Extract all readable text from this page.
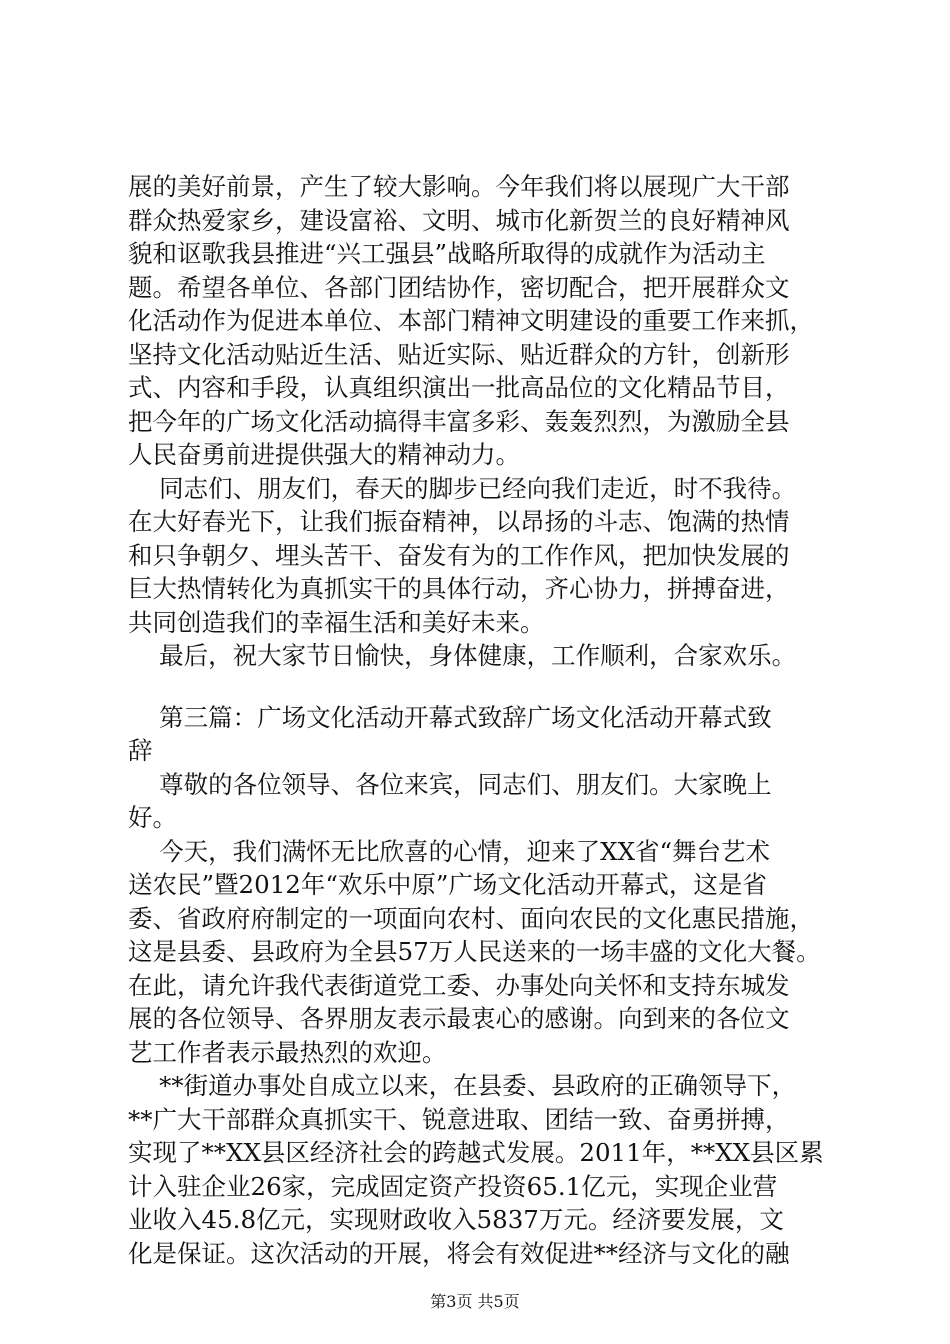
展的美好前景，产生了较大影响。今年我们将以展现广大干部
群众热爱家乡，建设富裕、文明、城市化新贺兰的良好精神风
貌和讴歌我县推进“兴工强县”战略所取得的成就作为活动主
题。希望各单位、各部门团结协作，密切配合，把开展群众文
化活动作为促进本单位、本部门精神文明建设的重要工作来抓，
坚持文化活动贴近生活、贴近实际、贴近群众的方针，创新形
式、内容和手段，认真组织演出一批高品位的文化精品节目，
把今年的广场文化活动搞得丰富多彩、轰轰烈烈，为激励全县
人民奋勇前进提供强大的精神动力。
同志们、朋友们，春天的脚步已经向我们走近，时不我待。
在大好春光下，让我们振奋精神，以昂扬的斗志、饱满的热情
和只争朝夕、埋头苦干、奋发有为的工作作风，把加快发展的
巨大热情转化为真抓实干的具体行动，齐心协力，拼搏奋进，
共同创造我们的幸福生活和美好未来。
最后，祝大家节日愉快，身体健康，工作顺利，合家欢乐。
第三篇：广场文化活动开幕式致辞广场文化活动开幕式致
辞
尊敬的各位领导、各位来宾，同志们、朋友们。大家晚上
好。
今天，我们满怀无比欣喜的心情，迎来了XX省“舞台艺术
送农民”暨2012年“欢乐中原”广场文化活动开幕式，这是省
委、省政府府制定的一项面向农村、面向农民的文化惠民措施，
这是县委、县政府为全县57万人民送来的一场丰盛的文化大餐。
在此，请允许我代表街道党工委、办事处向关怀和支持东城发
展的各位领导、各界朋友表示最衷心的感谢。向到来的各位文
艺工作者表示最热烈的欢迎。
**街道办事处自成立以来，在县委、县政府的正确领导下，
**广大干部群众真抓实干、锐意进取、团结一致、奋勇拼搏，
实现了**XX县区经济社会的跨越式发展。2011年，**XX县区累
计入驻企业26家，完成固定资产投资65.1亿元，实现企业营
业收入45.8亿元，实现财政收入5837万元。经济要发展，文
化是保证。这次活动的开展，将会有效促进**经济与文化的融
第3页 共5页
